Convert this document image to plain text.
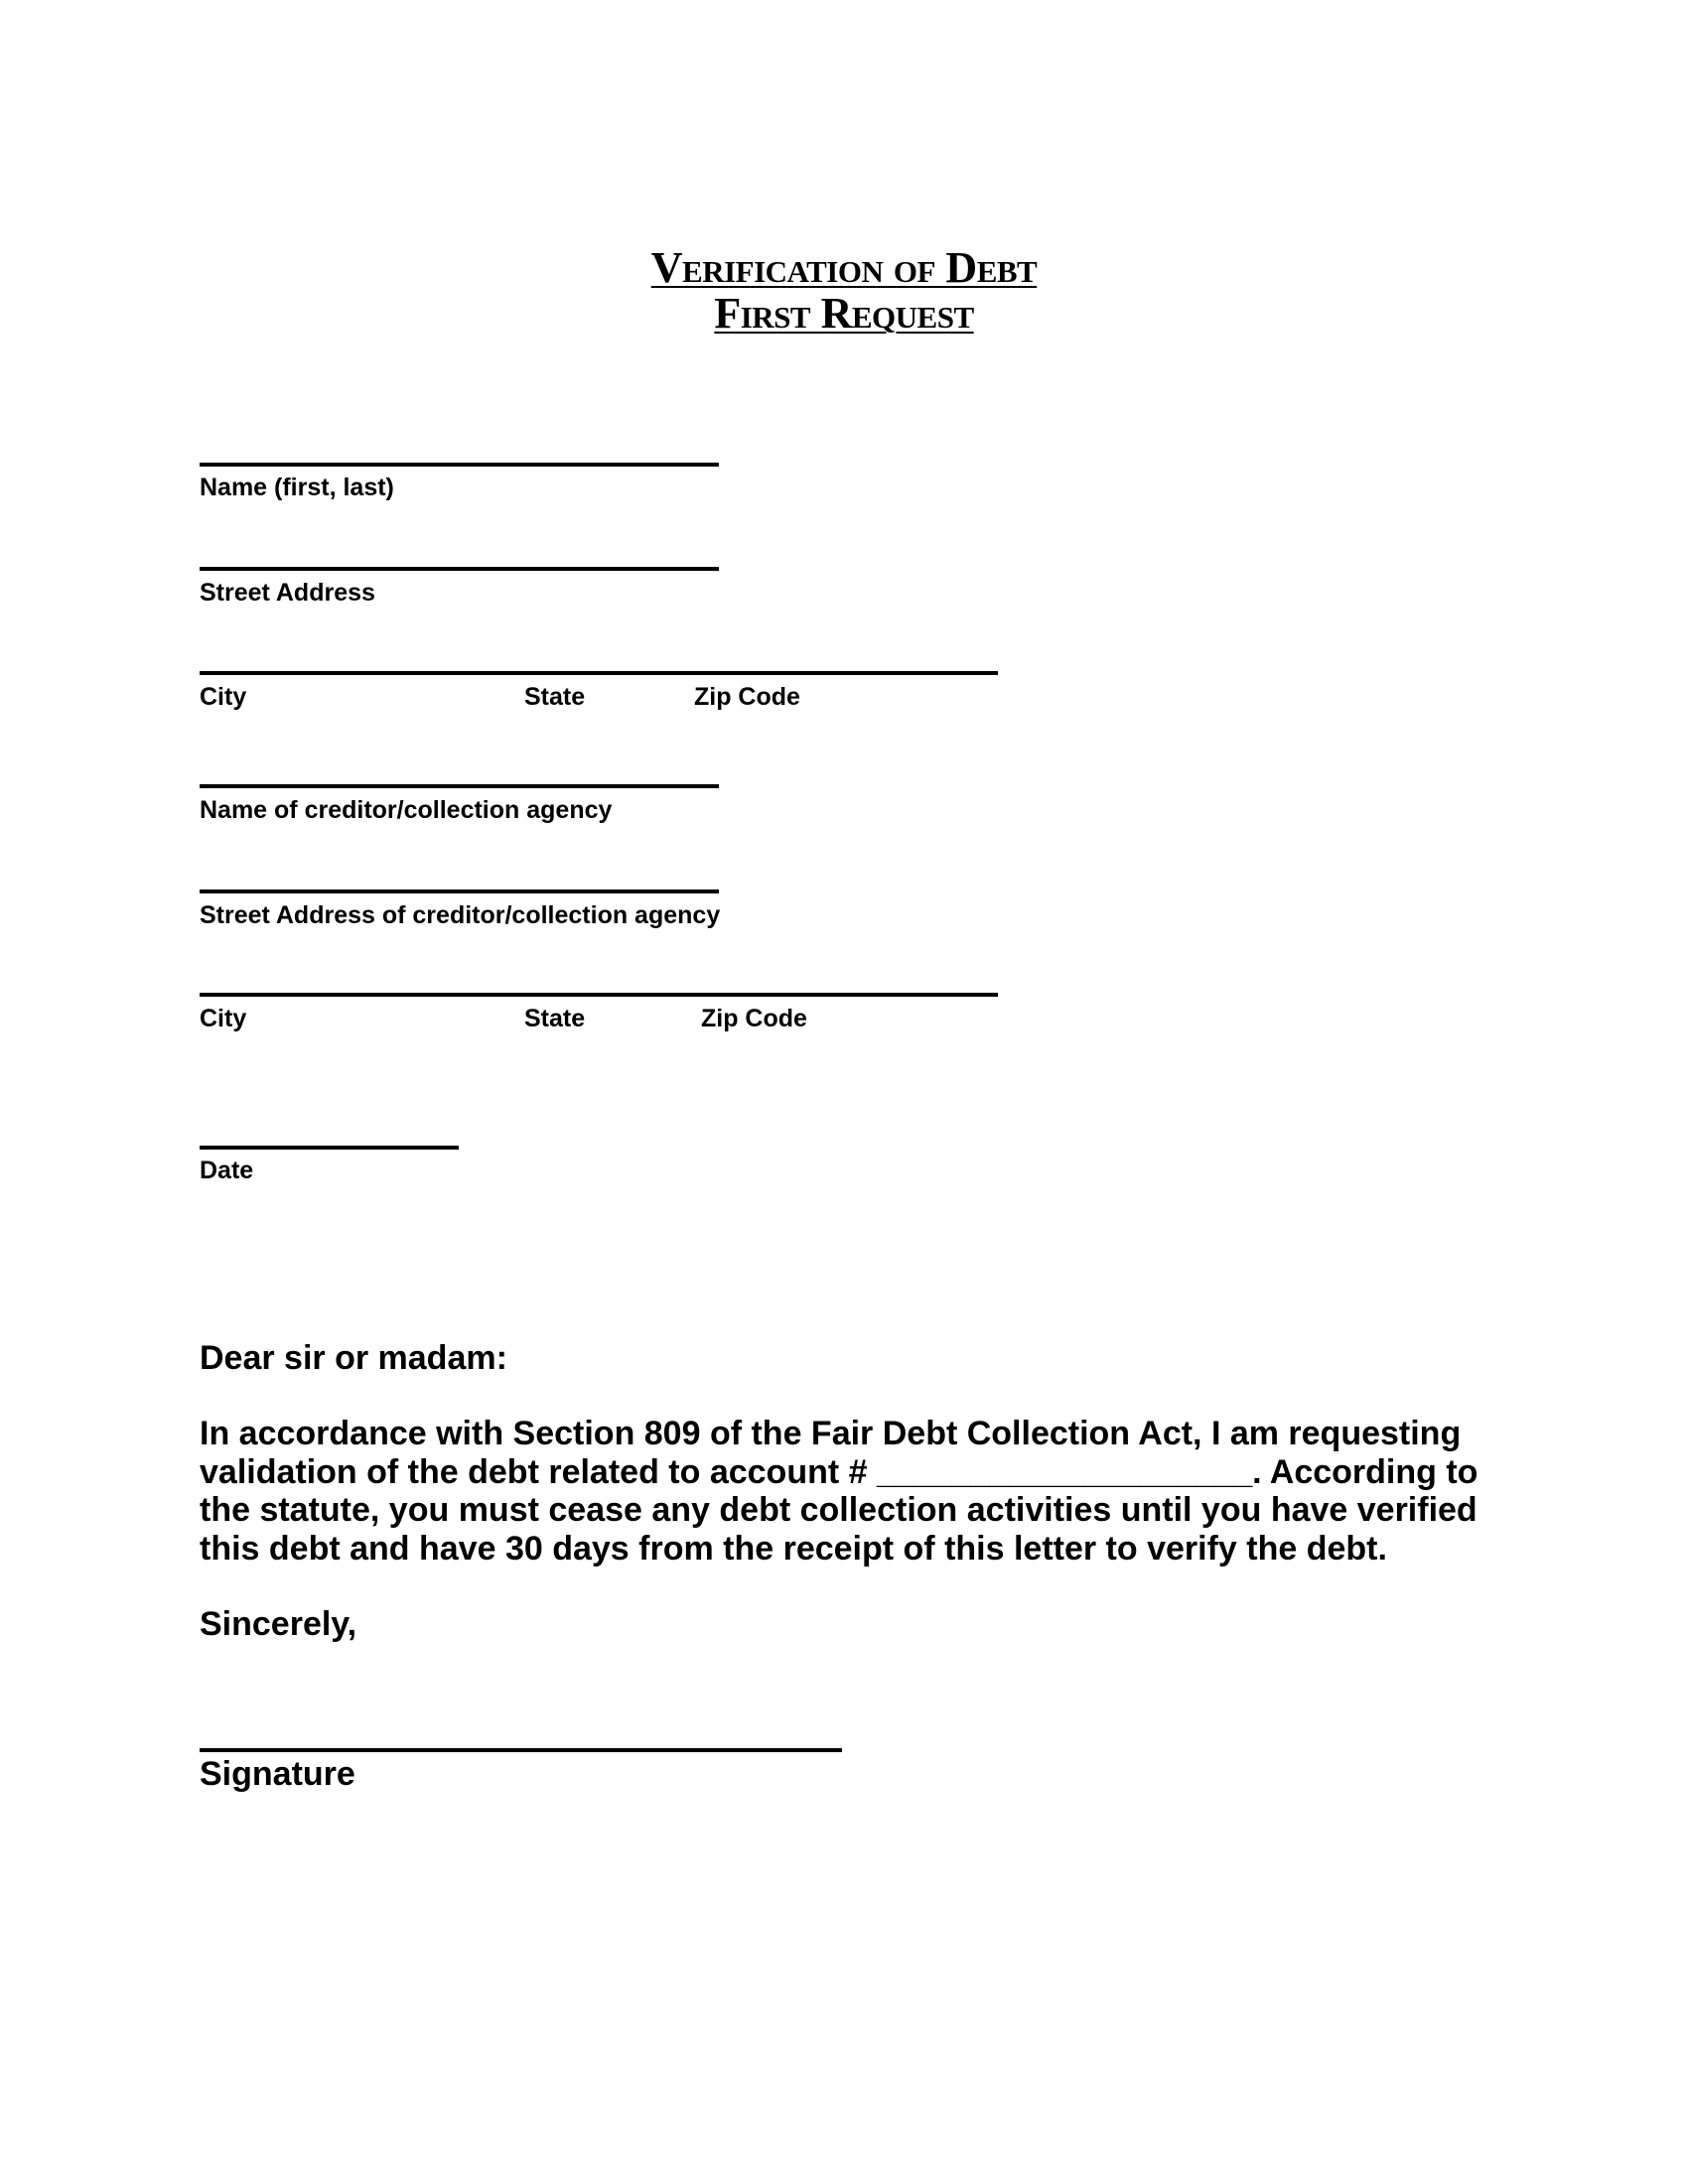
Verification of Debt
First Request
Name (first, last)
Street Address
City	State	Zip Code
Name of creditor/collection agency
Street Address of creditor/collection agency
City	State	Zip Code
Date
Dear sir or madam:
In accordance with Section 809 of the Fair Debt Collection Act, I am requesting
validation of the debt related to account # ____________________. According to
the statute, you must cease any debt collection activities until you have verified
this debt and have 30 days from the receipt of this letter to verify the debt.
Sincerely,
Signature
